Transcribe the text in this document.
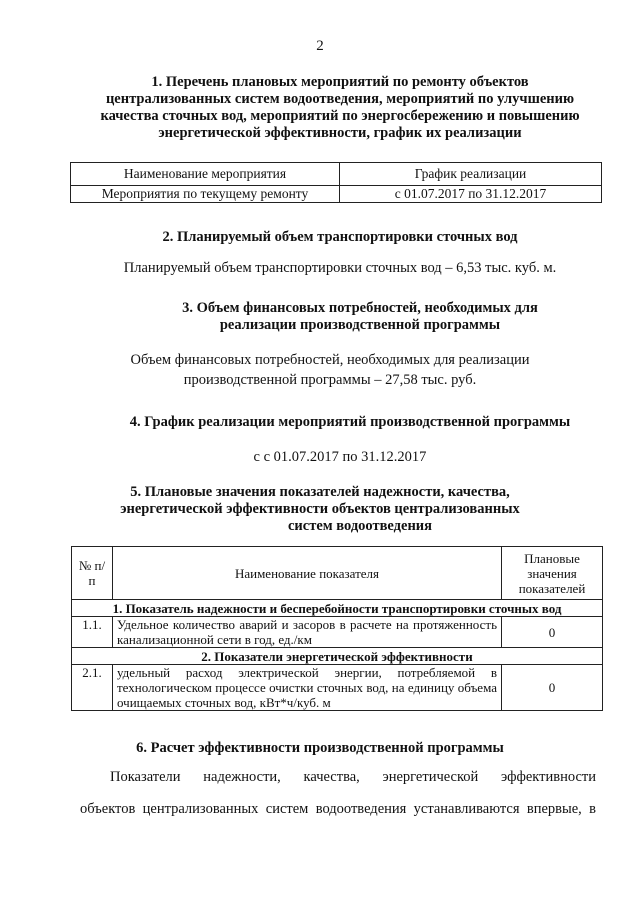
2
1. Перечень плановых мероприятий по ремонту объектов
централизованных систем водоотведения, мероприятий по улучшению
качества сточных вод, мероприятий по энергосбережению и повышению
энергетической эффективности, график их реализации
Наименование мероприятия	График реализации
Мероприятия по текущему ремонту	с 01.07.2017 по 31.12.2017
2. Планируемый объем транспортировки сточных вод
Планируемый объем транспортировки сточных вод – 6,53 тыс. куб. м.
3. Объем финансовых потребностей, необходимых для
реализации производственной программы
Объем финансовых потребностей, необходимых для реализации
производственной программы – 27,58 тыс. руб.
4. График реализации мероприятий производственной программы
с с 01.07.2017 по 31.12.2017
5. Плановые значения показателей надежности, качества,
энергетической эффективности объектов централизованных
систем водоотведения
№ п/п	Наименование показателя	Плановые значения показателей
1. Показатель надежности и бесперебойности транспортировки сточных вод		
1.1.	Удельное количество аварий и засоров в расчете на протяженность канализационной сети в год, ед./км	0
2. Показатели энергетической эффективности		
2.1.	удельный расход электрической энергии, потребляемой в технологическом процессе очистки сточных вод, на единицу объема очищаемых сточных вод, кВт*ч/куб. м	0
6. Расчет эффективности производственной программы
Показатели надежности, качества, энергетической эффективности
объектов централизованных систем водоотведения устанавливаются впервые, в
